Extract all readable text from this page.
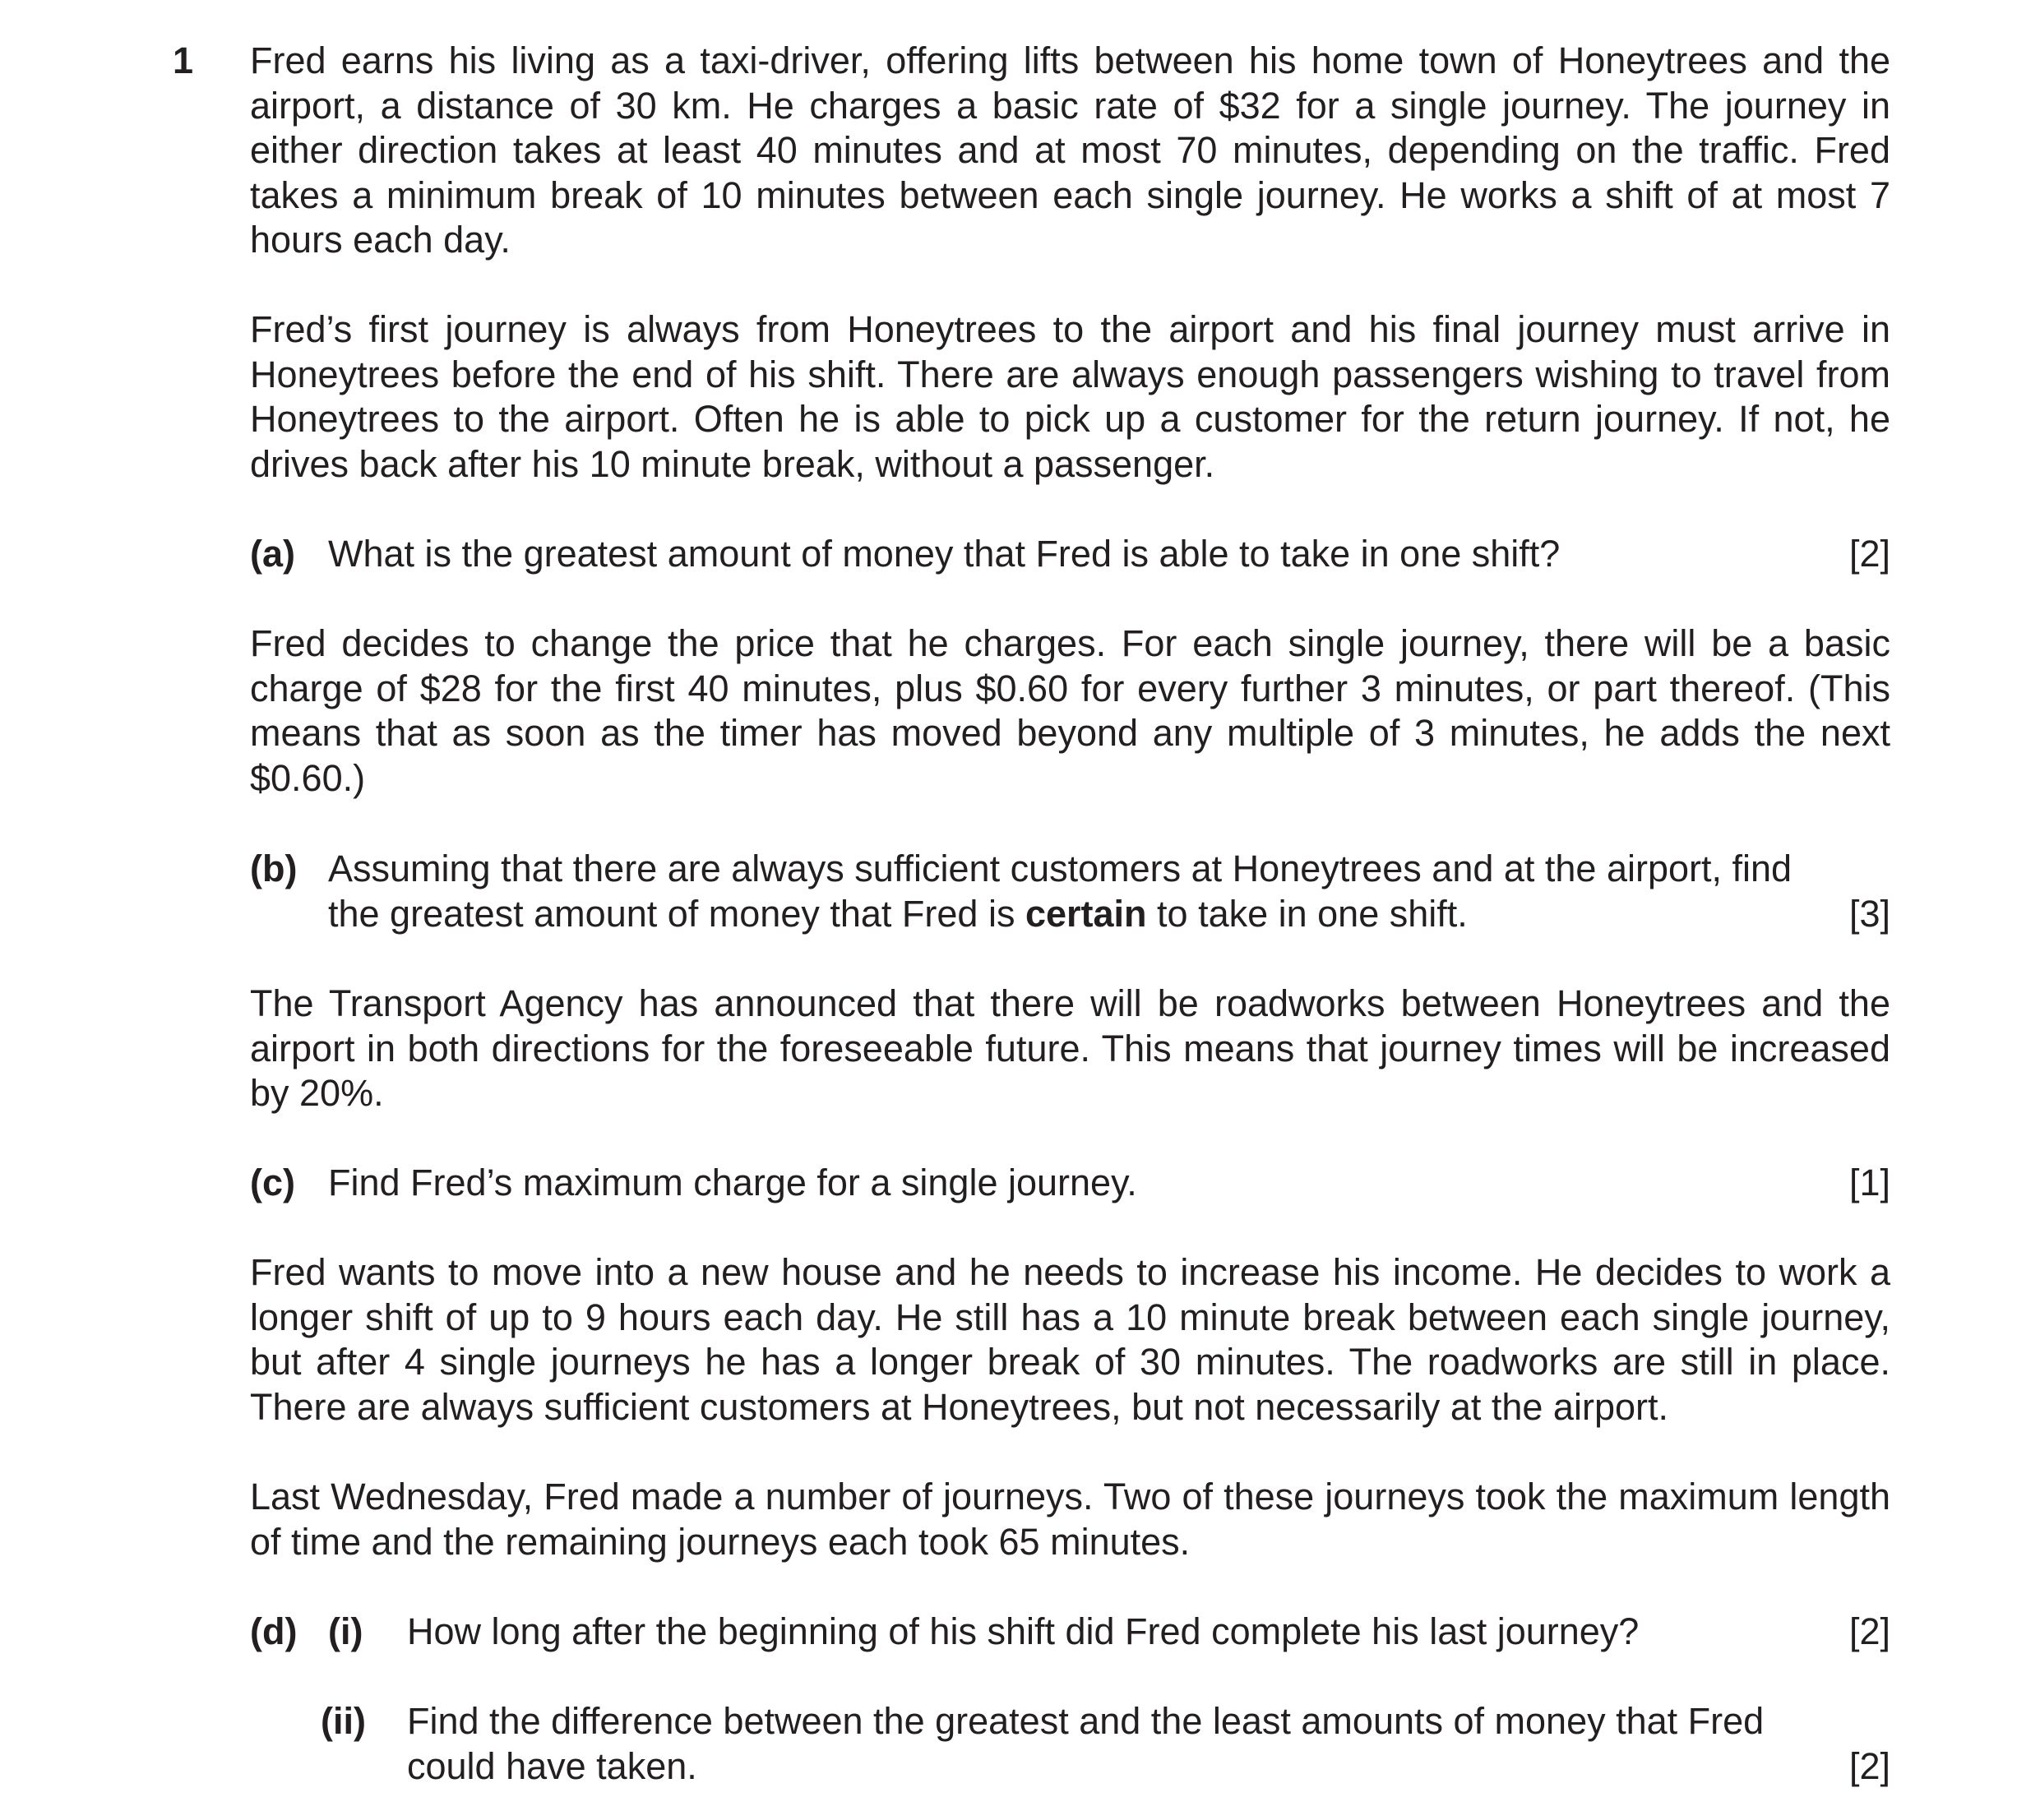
1 Fred earns his living as a taxi-driver, offering lifts between his home town of Honeytrees and the airport, a distance of 30 km. He charges a basic rate of $32 for a single journey. The journey in either direction takes at least 40 minutes and at most 70 minutes, depending on the traffic. Fred takes a minimum break of 10 minutes between each single journey. He works a shift of at most 7 hours each day.

Fred’s first journey is always from Honeytrees to the airport and his final journey must arrive in Honeytrees before the end of his shift. There are always enough passengers wishing to travel from Honeytrees to the airport. Often he is able to pick up a customer for the return journey. If not, he drives back after his 10 minute break, without a passenger.

(a) What is the greatest amount of money that Fred is able to take in one shift?	[2]

Fred decides to change the price that he charges. For each single journey, there will be a basic charge of $28 for the first 40 minutes, plus $0.60 for every further 3 minutes, or part thereof. (This means that as soon as the timer has moved beyond any multiple of 3 minutes, he adds the next $0.60.)

(b) Assuming that there are always sufficient customers at Honeytrees and at the airport, find the greatest amount of money that Fred is certain to take in one shift.	[3]

The Transport Agency has announced that there will be roadworks between Honeytrees and the airport in both directions for the foreseeable future. This means that journey times will be increased by 20%.

(c) Find Fred’s maximum charge for a single journey.	[1]

Fred wants to move into a new house and he needs to increase his income. He decides to work a longer shift of up to 9 hours each day. He still has a 10 minute break between each single journey, but after 4 single journeys he has a longer break of 30 minutes. The roadworks are still in place. There are always sufficient customers at Honeytrees, but not necessarily at the airport.

Last Wednesday, Fred made a number of journeys. Two of these journeys took the maximum length of time and the remaining journeys each took 65 minutes.

(d) (i) How long after the beginning of his shift did Fred complete his last journey?	[2]
(ii) Find the difference between the greatest and the least amounts of money that Fred could have taken.	[2]
